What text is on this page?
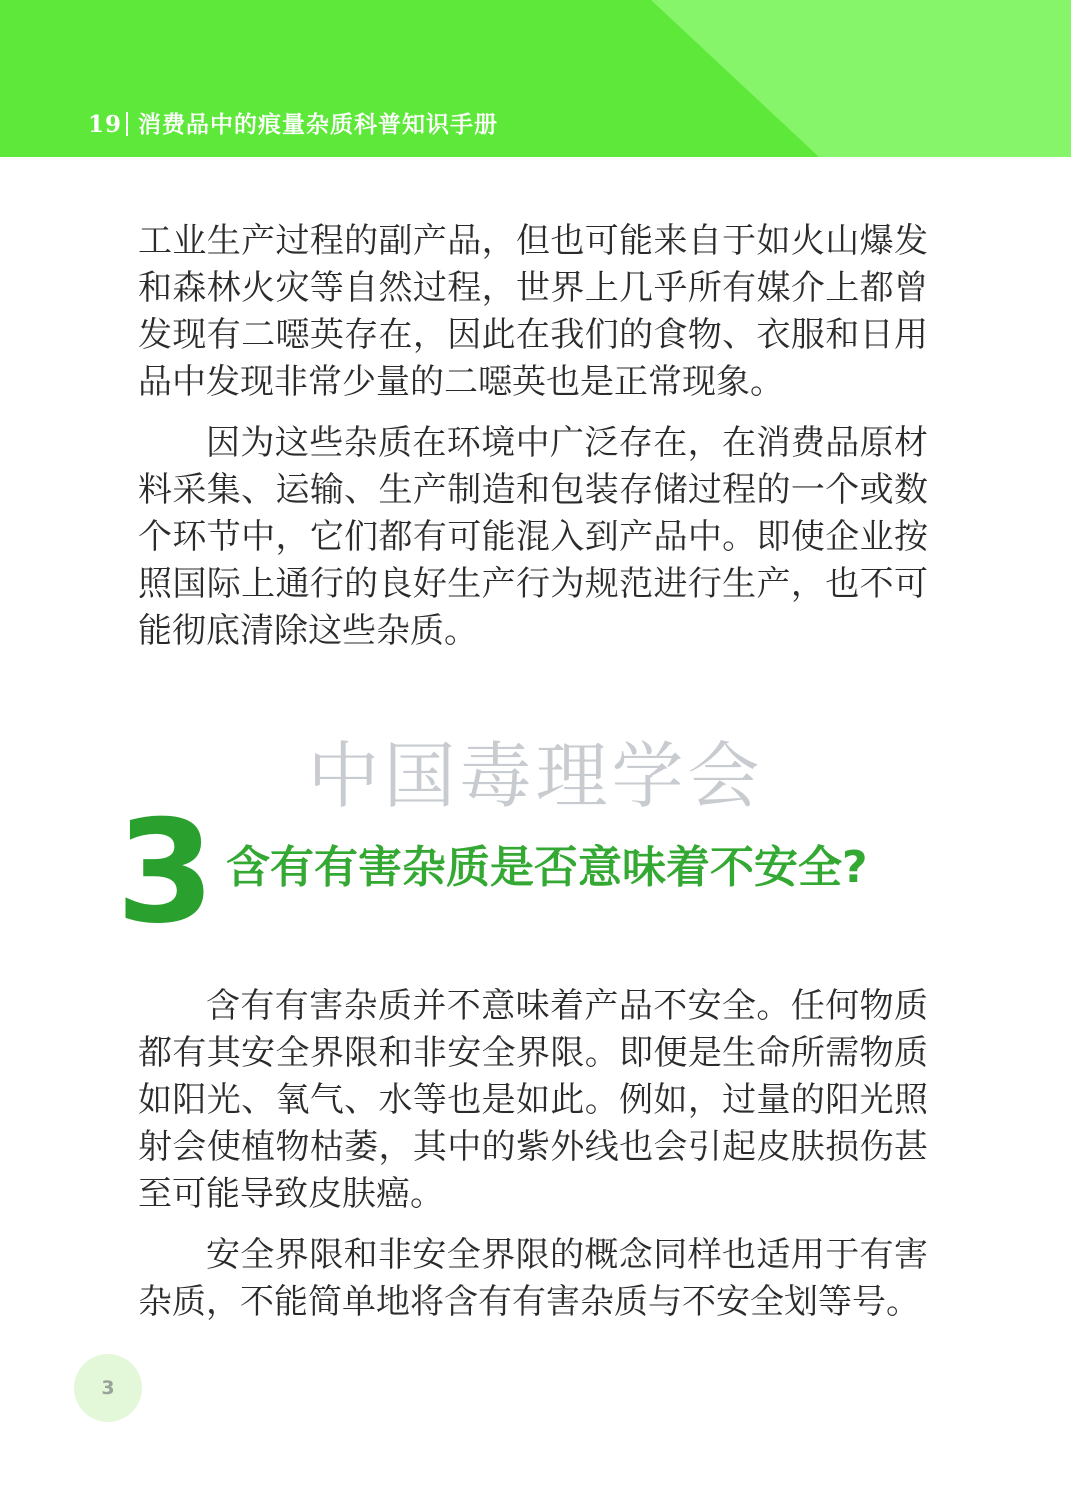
19 消费品中的痕量杂质科普知识手册
工业生产过程的副产品，但也可能来自于如火山爆发和森林火灾等自然过程，世界上几乎所有媒介上都曾发现有二噁英存在，因此在我们的食物、衣服和日用品中发现非常少量的二噁英也是正常现象。
因为这些杂质在环境中广泛存在，在消费品原材料采集、运输、生产制造和包装存储过程的一个或数个环节中，它们都有可能混入到产品中。即使企业按照国际上通行的良好生产行为规范进行生产，也不可能彻底清除这些杂质。
中国毒理学会
3 含有有害杂质是否意味着不安全?
含有有害杂质并不意味着产品不安全。任何物质都有其安全界限和非安全界限。即便是生命所需物质如阳光、氧气、水等也是如此。例如，过量的阳光照射会使植物枯萎，其中的紫外线也会引起皮肤损伤甚至可能导致皮肤癌。
安全界限和非安全界限的概念同样也适用于有害杂质，不能简单地将含有有害杂质与不安全划等号。
3
